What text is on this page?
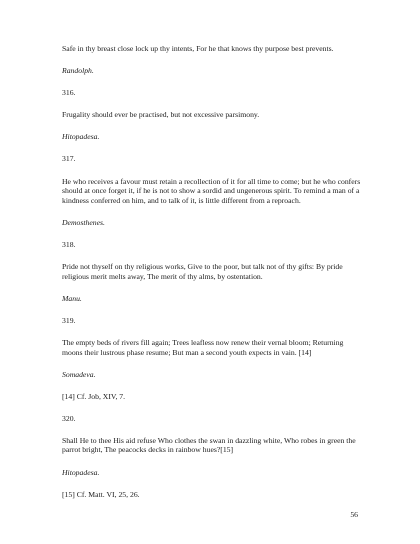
Safe in thy breast close lock up thy intents, For he that knows thy purpose best prevents.

Randolph.

316.

Frugality should ever be practised, but not excessive parsimony.

Hitopadesa.

317.

He who receives a favour must retain a recollection of it for all time to come; but he who confers should at once forget it, if he is not to show a sordid and ungenerous spirit. To remind a man of a kindness conferred on him, and to talk of it, is little different from a reproach.

Demosthenes.

318.

Pride not thyself on thy religious works, Give to the poor, but talk not of thy gifts: By pride religious merit melts away, The merit of thy alms, by ostentation.

Manu.

319.

The empty beds of rivers fill again; Trees leafless now renew their vernal bloom; Returning moons their lustrous phase resume; But man a second youth expects in vain. [14]

Somadeva.

[14] Cf. Job, XIV, 7.

320.

Shall He to thee His aid refuse Who clothes the swan in dazzling white, Who robes in green the parrot bright, The peacocks decks in rainbow hues?[15]

Hitopadesa.

[15] Cf. Matt. VI, 25, 26.

56
